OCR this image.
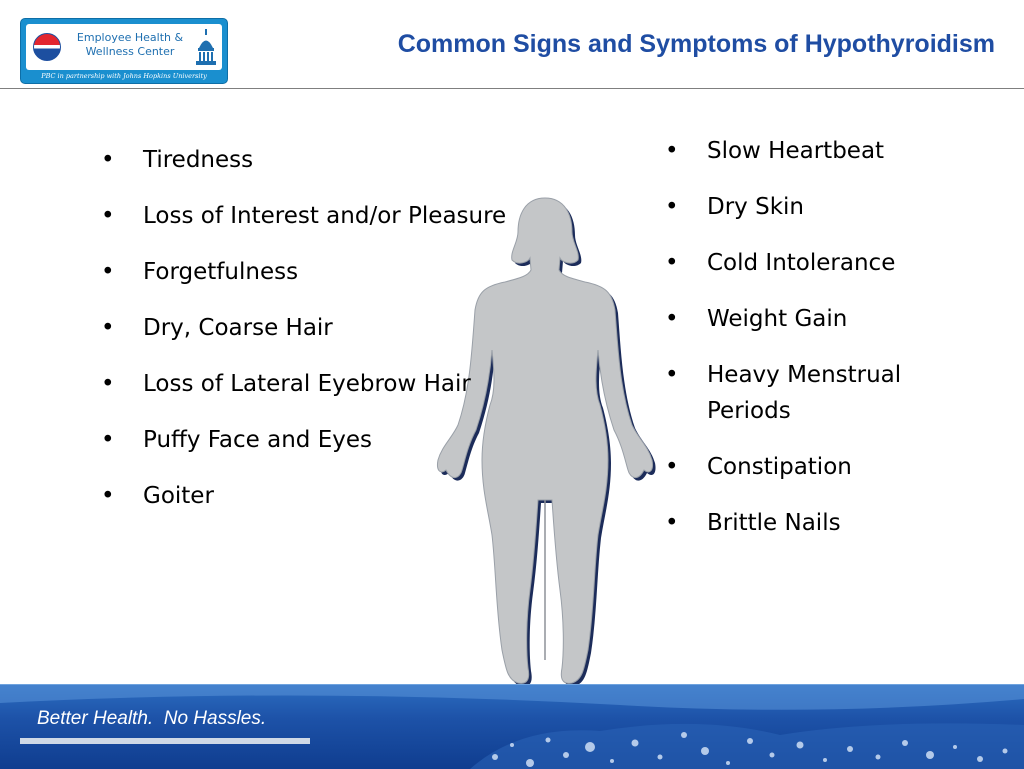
Employee Health &
Wellness Center
PBC in partnership with Johns Hopkins University
Common Signs and Symptoms of Hypothyroidism
• Tiredness
• Loss of Interest and/or Pleasure
• Forgetfulness
• Dry, Coarse Hair
• Loss of Lateral Eyebrow Hair
• Puffy Face and Eyes
• Goiter
• Slow Heartbeat
• Dry Skin
• Cold Intolerance
• Weight Gain
• Heavy Menstrual Periods
• Constipation
• Brittle Nails
Better Health.  No Hassles.
